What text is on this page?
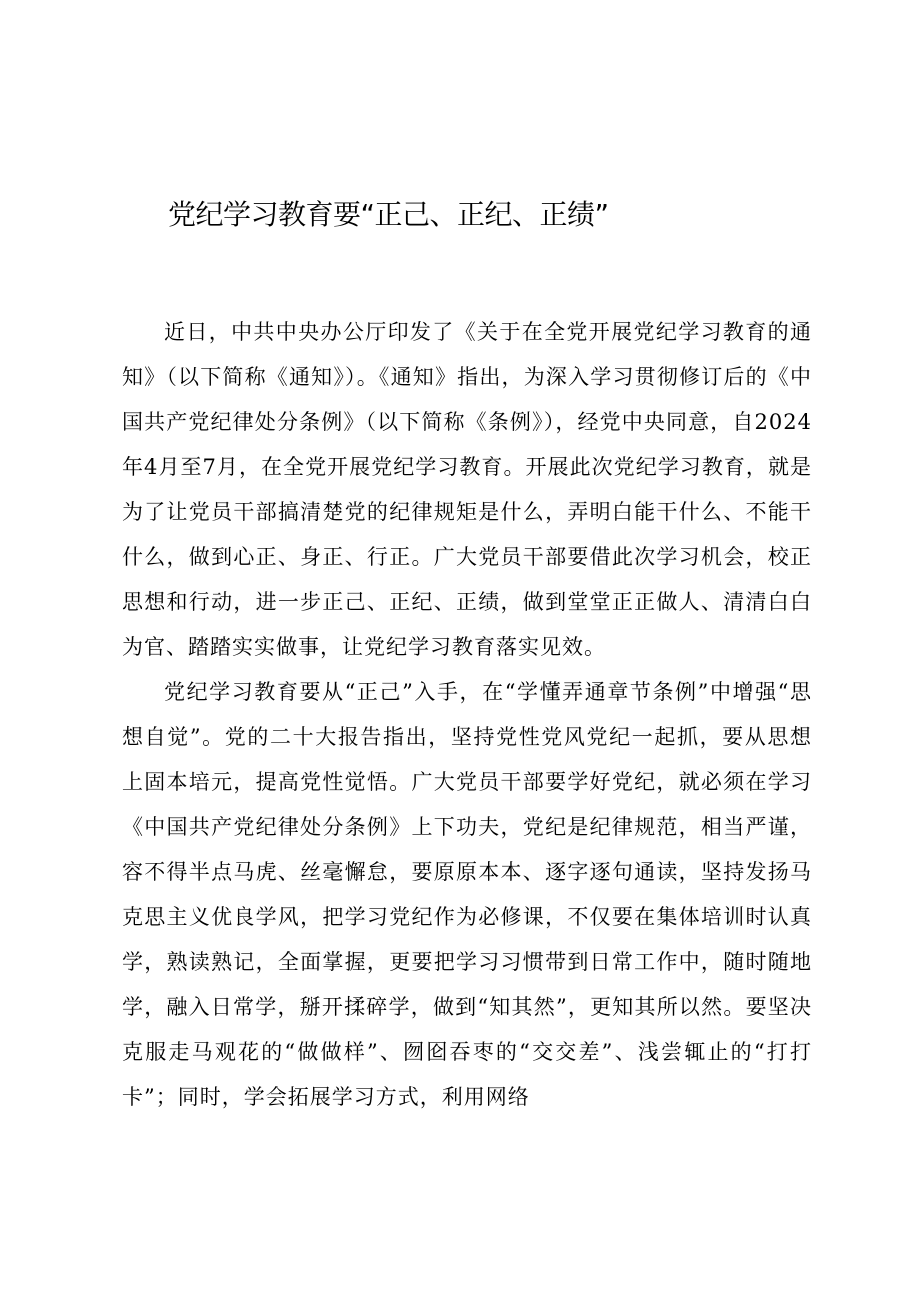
党纪学习教育要“正己、正纪、正绩”

近日，中共中央办公厅印发了《关于在全党开展党纪学习教育的通知》（以下简称《通知》）。《通知》指出，为深入学习贯彻修订后的《中国共产党纪律处分条例》（以下简称《条例》），经党中央同意，自2024年4月至7月，在全党开展党纪学习教育。开展此次党纪学习教育，就是为了让党员干部搞清楚党的纪律规矩是什么，弄明白能干什么、不能干什么，做到心正、身正、行正。广大党员干部要借此次学习机会，校正思想和行动，进一步正己、正纪、正绩，做到堂堂正正做人、清清白白为官、踏踏实实做事，让党纪学习教育落实见效。

党纪学习教育要从“正己”入手，在“学懂弄通章节条例”中增强“思想自觉”。党的二十大报告指出，坚持党性党风党纪一起抓，要从思想上固本培元，提高党性觉悟。广大党员干部要学好党纪，就必须在学习《中国共产党纪律处分条例》上下功夫，党纪是纪律规范，相当严谨，容不得半点马虎、丝毫懈怠，要原原本本、逐字逐句通读，坚持发扬马克思主义优良学风，把学习党纪作为必修课，不仅要在集体培训时认真学，熟读熟记，全面掌握，更要把学习习惯带到日常工作中，随时随地学，融入日常学，掰开揉碎学，做到“知其然”，更知其所以然。要坚决克服走马观花的“做做样”、囫囵吞枣的“交交差”、浅尝辄止的“打打卡”；同时，学会拓展学习方式，利用网络
